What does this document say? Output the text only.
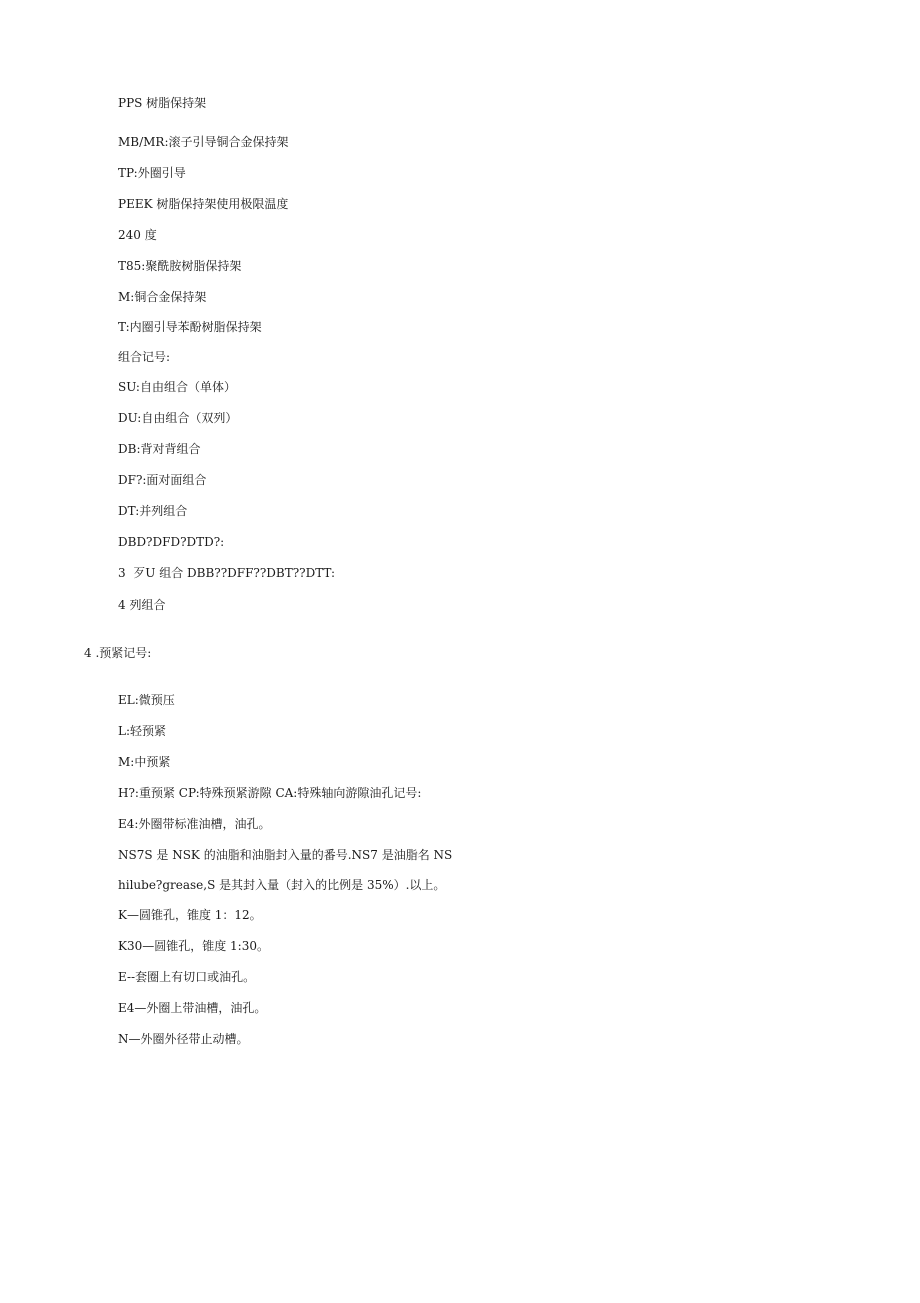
PPS 树脂保持架
MB/MR:滚子引导铜合金保持架
TP:外圈引导
PEEK 树脂保持架使用极限温度
240 度
T85:聚酰胺树脂保持架
M:铜合金保持架
T:内圈引导苯酚树脂保持架
组合记号:
SU:自由组合（单体）
DU:自由组合（双列）
DB:背对背组合
DF?:面对面组合
DT:并列组合
DBD?DFD?DTD?:
3  歹U 组合 DBB??DFF??DBT??DTT:
4 列组合
4 .预紧记号:
EL:微预压
L:轻预紧
M:中预紧
H?:重预紧 CP:特殊预紧游隙 CA:特殊轴向游隙油孔记号:
E4:外圈带标准油槽，油孔。
NS7S 是 NSK 的油脂和油脂封入量的番号.NS7 是油脂名 NS
hilube?grease,S 是其封入量（封入的比例是 35%）.以上。
K—圆锥孔，锥度 1：12。
K30—圆锥孔，锥度 1:30。
E--套圈上有切口或油孔。
E4—外圈上带油槽，油孔。
N—外圈外径带止动槽。
